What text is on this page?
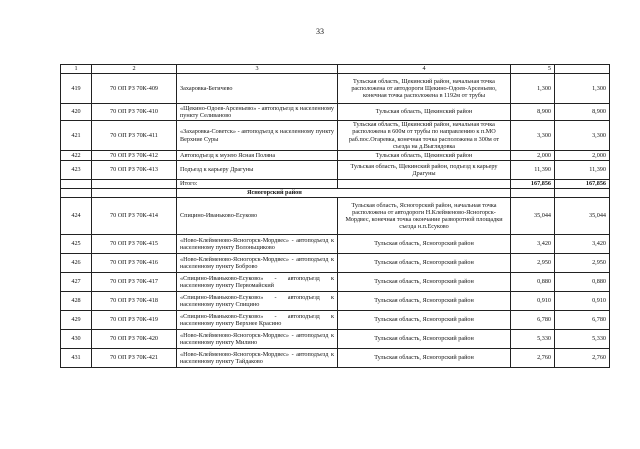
33
1	2	3	4	5	
419	70 ОП РЗ 70К-409	Захаровка-Бегичево	Тульская область, Щекинский район, начальная точка расположена от автодороги Щекино-Одоев-Арсеньево, конечная точка расположена в 1192м от трубы	1,300	1,300
420	70 ОП РЗ 70К-410	«Щекино-Одоев-Арсеньево» - автоподъезд к населенному пункту Селиваново	Тульская область, Щекинский район	8,900	8,900
421	70 ОП РЗ 70К-411	«Захаровка-Советск» - автоподъезд к населенному пункту Верхние Суры	Тульская область, Щекинский район, начальная точка расположена в 600м от трубы по направлению к п.МО раб.пос.Огаревка, конечная точка расположена в 300м от съезда на д.Выглядовка	3,300	3,300
422	70 ОП РЗ 70К-412	Автоподъезд к музею Ясная Поляна	Тульская область, Щекинский район	2,000	2,000
423	70 ОП РЗ 70К-413	Подъезд к карьеру Драгуны	Тульская область, Щекинский район, подъезд к карьеру Драгуны	11,390	11,390
		Итого:		167,856	167,856
		Ясногорский район			
424	70 ОП РЗ 70К-414	Спицино-Иваньково-Есуково	Тульская область, Ясногорский район, начальная точка расположена от автодороги Н.Клейменово-Ясногорск-Мордвес, конечная точка окончание разворотной площадки съезда н.п.Есуково	35,044	35,044
425	70 ОП РЗ 70К-415	«Ново-Клейменово-Ясногорск-Мордвес» - автоподъезд к населенному пункту Волоньщиково	Тульская область, Ясногорский район	3,420	3,420
426	70 ОП РЗ 70К-416	«Ново-Клейменово-Ясногорск-Мордвес» - автоподъезд к населенному пункту Боброво	Тульская область, Ясногорский район	2,950	2,950
427	70 ОП РЗ 70К-417	«Спицино-Иваньково-Есуково» - автоподъезд к населенному пункту Первомайский	Тульская область, Ясногорский район	0,880	0,880
428	70 ОП РЗ 70К-418	«Спицино-Иваньково-Есуково» - автоподъезд к населенному пункту Спицино	Тульская область, Ясногорский район	0,910	0,910
429	70 ОП РЗ 70К-419	«Спицино-Иваньково-Есуково» - автоподъезд к населенному пункту Верхнее Красино	Тульская область, Ясногорский район	6,780	6,780
430	70 ОП РЗ 70К-420	«Ново-Клейменово-Ясногорск-Мордвес» - автоподъезд к населенному пункту Милино	Тульская область, Ясногорский район	5,330	5,330
431	70 ОП РЗ 70К-421	«Ново-Клейменово-Ясногорск-Мордвес» - автоподъезд к населенному пункту Тайдаково	Тульская область, Ясногорский район	2,760	2,760
